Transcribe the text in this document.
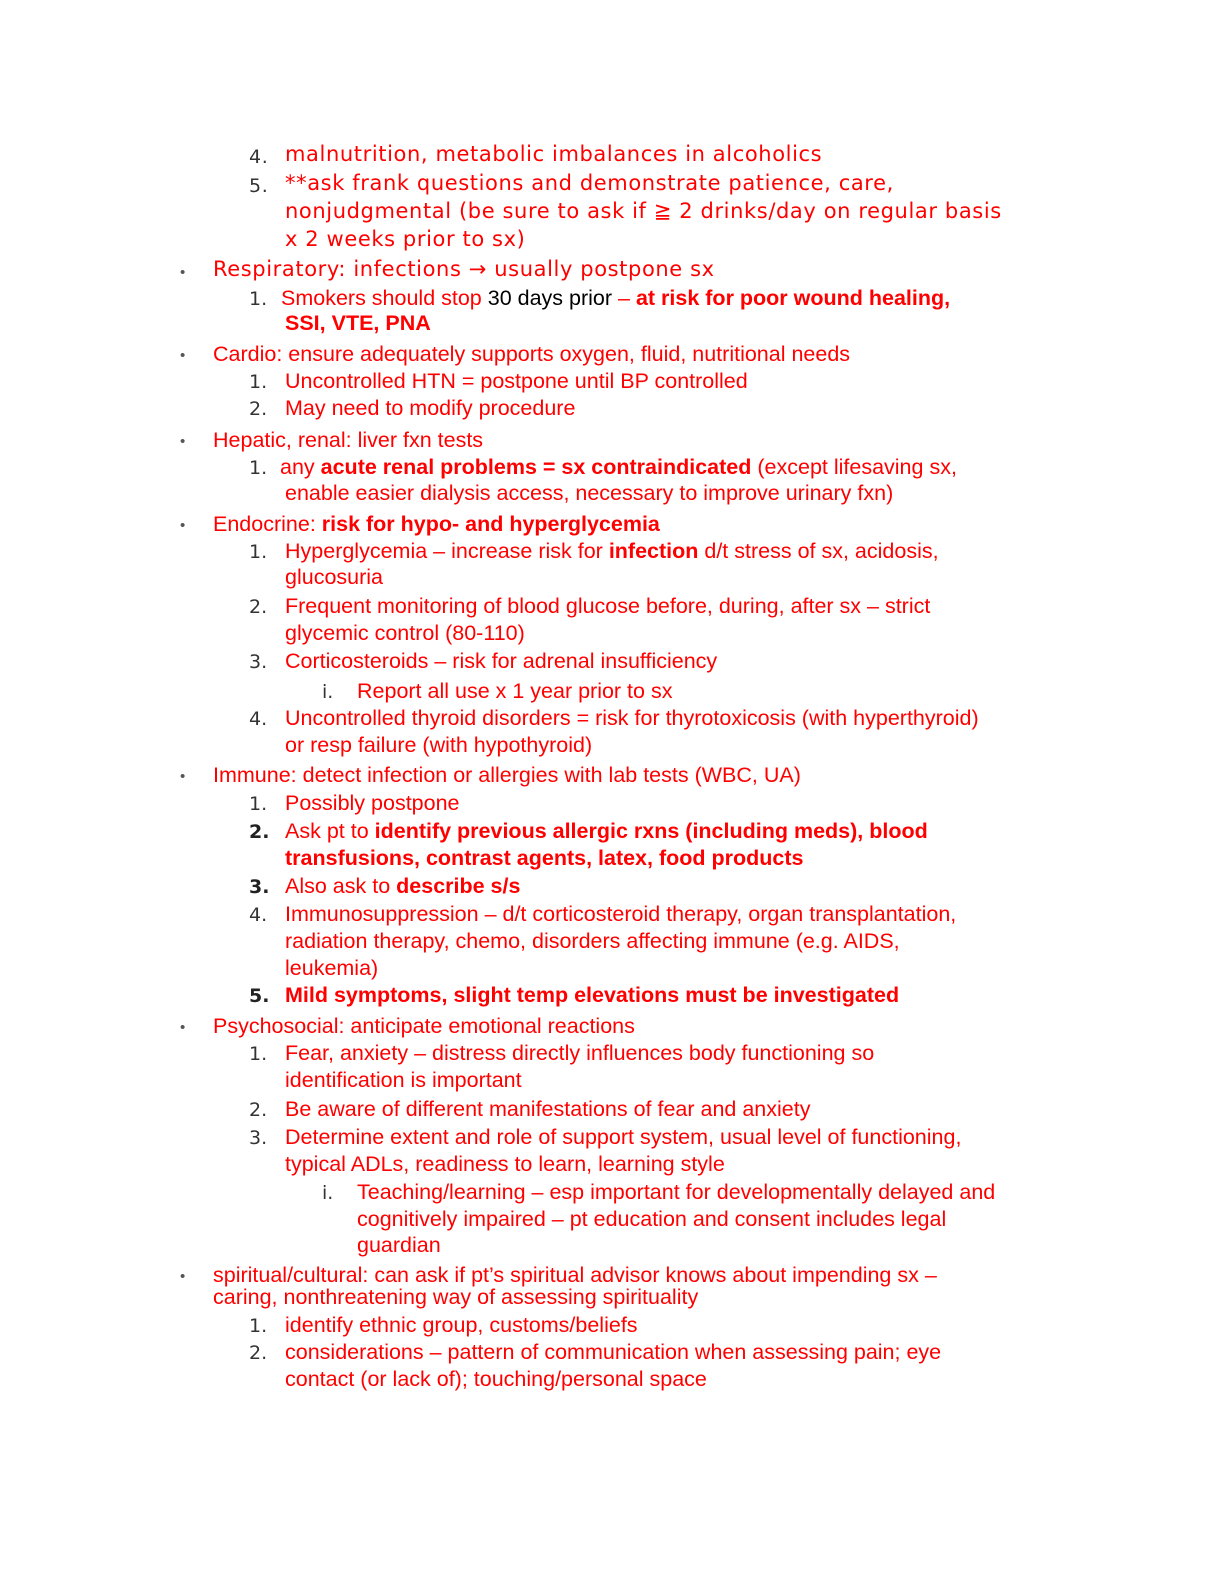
4. malnutrition, metabolic imbalances in alcoholics
5. **ask frank questions and demonstrate patience, care,
nonjudgmental (be sure to ask if ≧ 2 drinks/day on regular basis
x 2 weeks prior to sx)
• Respiratory: infections → usually postpone sx
1. Smokers should stop 30 days prior – at risk for poor wound healing,
SSI, VTE, PNA
• Cardio: ensure adequately supports oxygen, fluid, nutritional needs
1. Uncontrolled HTN = postpone until BP controlled
2. May need to modify procedure
• Hepatic, renal: liver fxn tests
1. any acute renal problems = sx contraindicated (except lifesaving sx,
enable easier dialysis access, necessary to improve urinary fxn)
• Endocrine: risk for hypo- and hyperglycemia
1. Hyperglycemia – increase risk for infection d/t stress of sx, acidosis,
glucosuria
2. Frequent monitoring of blood glucose before, during, after sx – strict
glycemic control (80-110)
3. Corticosteroids – risk for adrenal insufficiency
i. Report all use x 1 year prior to sx
4. Uncontrolled thyroid disorders = risk for thyrotoxicosis (with hyperthyroid)
or resp failure (with hypothyroid)
• Immune: detect infection or allergies with lab tests (WBC, UA)
1. Possibly postpone
2. Ask pt to identify previous allergic rxns (including meds), blood
transfusions, contrast agents, latex, food products
3. Also ask to describe s/s
4. Immunosuppression – d/t corticosteroid therapy, organ transplantation,
radiation therapy, chemo, disorders affecting immune (e.g. AIDS,
leukemia)
5. Mild symptoms, slight temp elevations must be investigated
• Psychosocial: anticipate emotional reactions
1. Fear, anxiety – distress directly influences body functioning so
identification is important
2. Be aware of different manifestations of fear and anxiety
3. Determine extent and role of support system, usual level of functioning,
typical ADLs, readiness to learn, learning style
i. Teaching/learning – esp important for developmentally delayed and
cognitively impaired – pt education and consent includes legal
guardian
• spiritual/cultural: can ask if pt’s spiritual advisor knows about impending sx –
caring, nonthreatening way of assessing spirituality
1. identify ethnic group, customs/beliefs
2. considerations – pattern of communication when assessing pain; eye
contact (or lack of); touching/personal space
